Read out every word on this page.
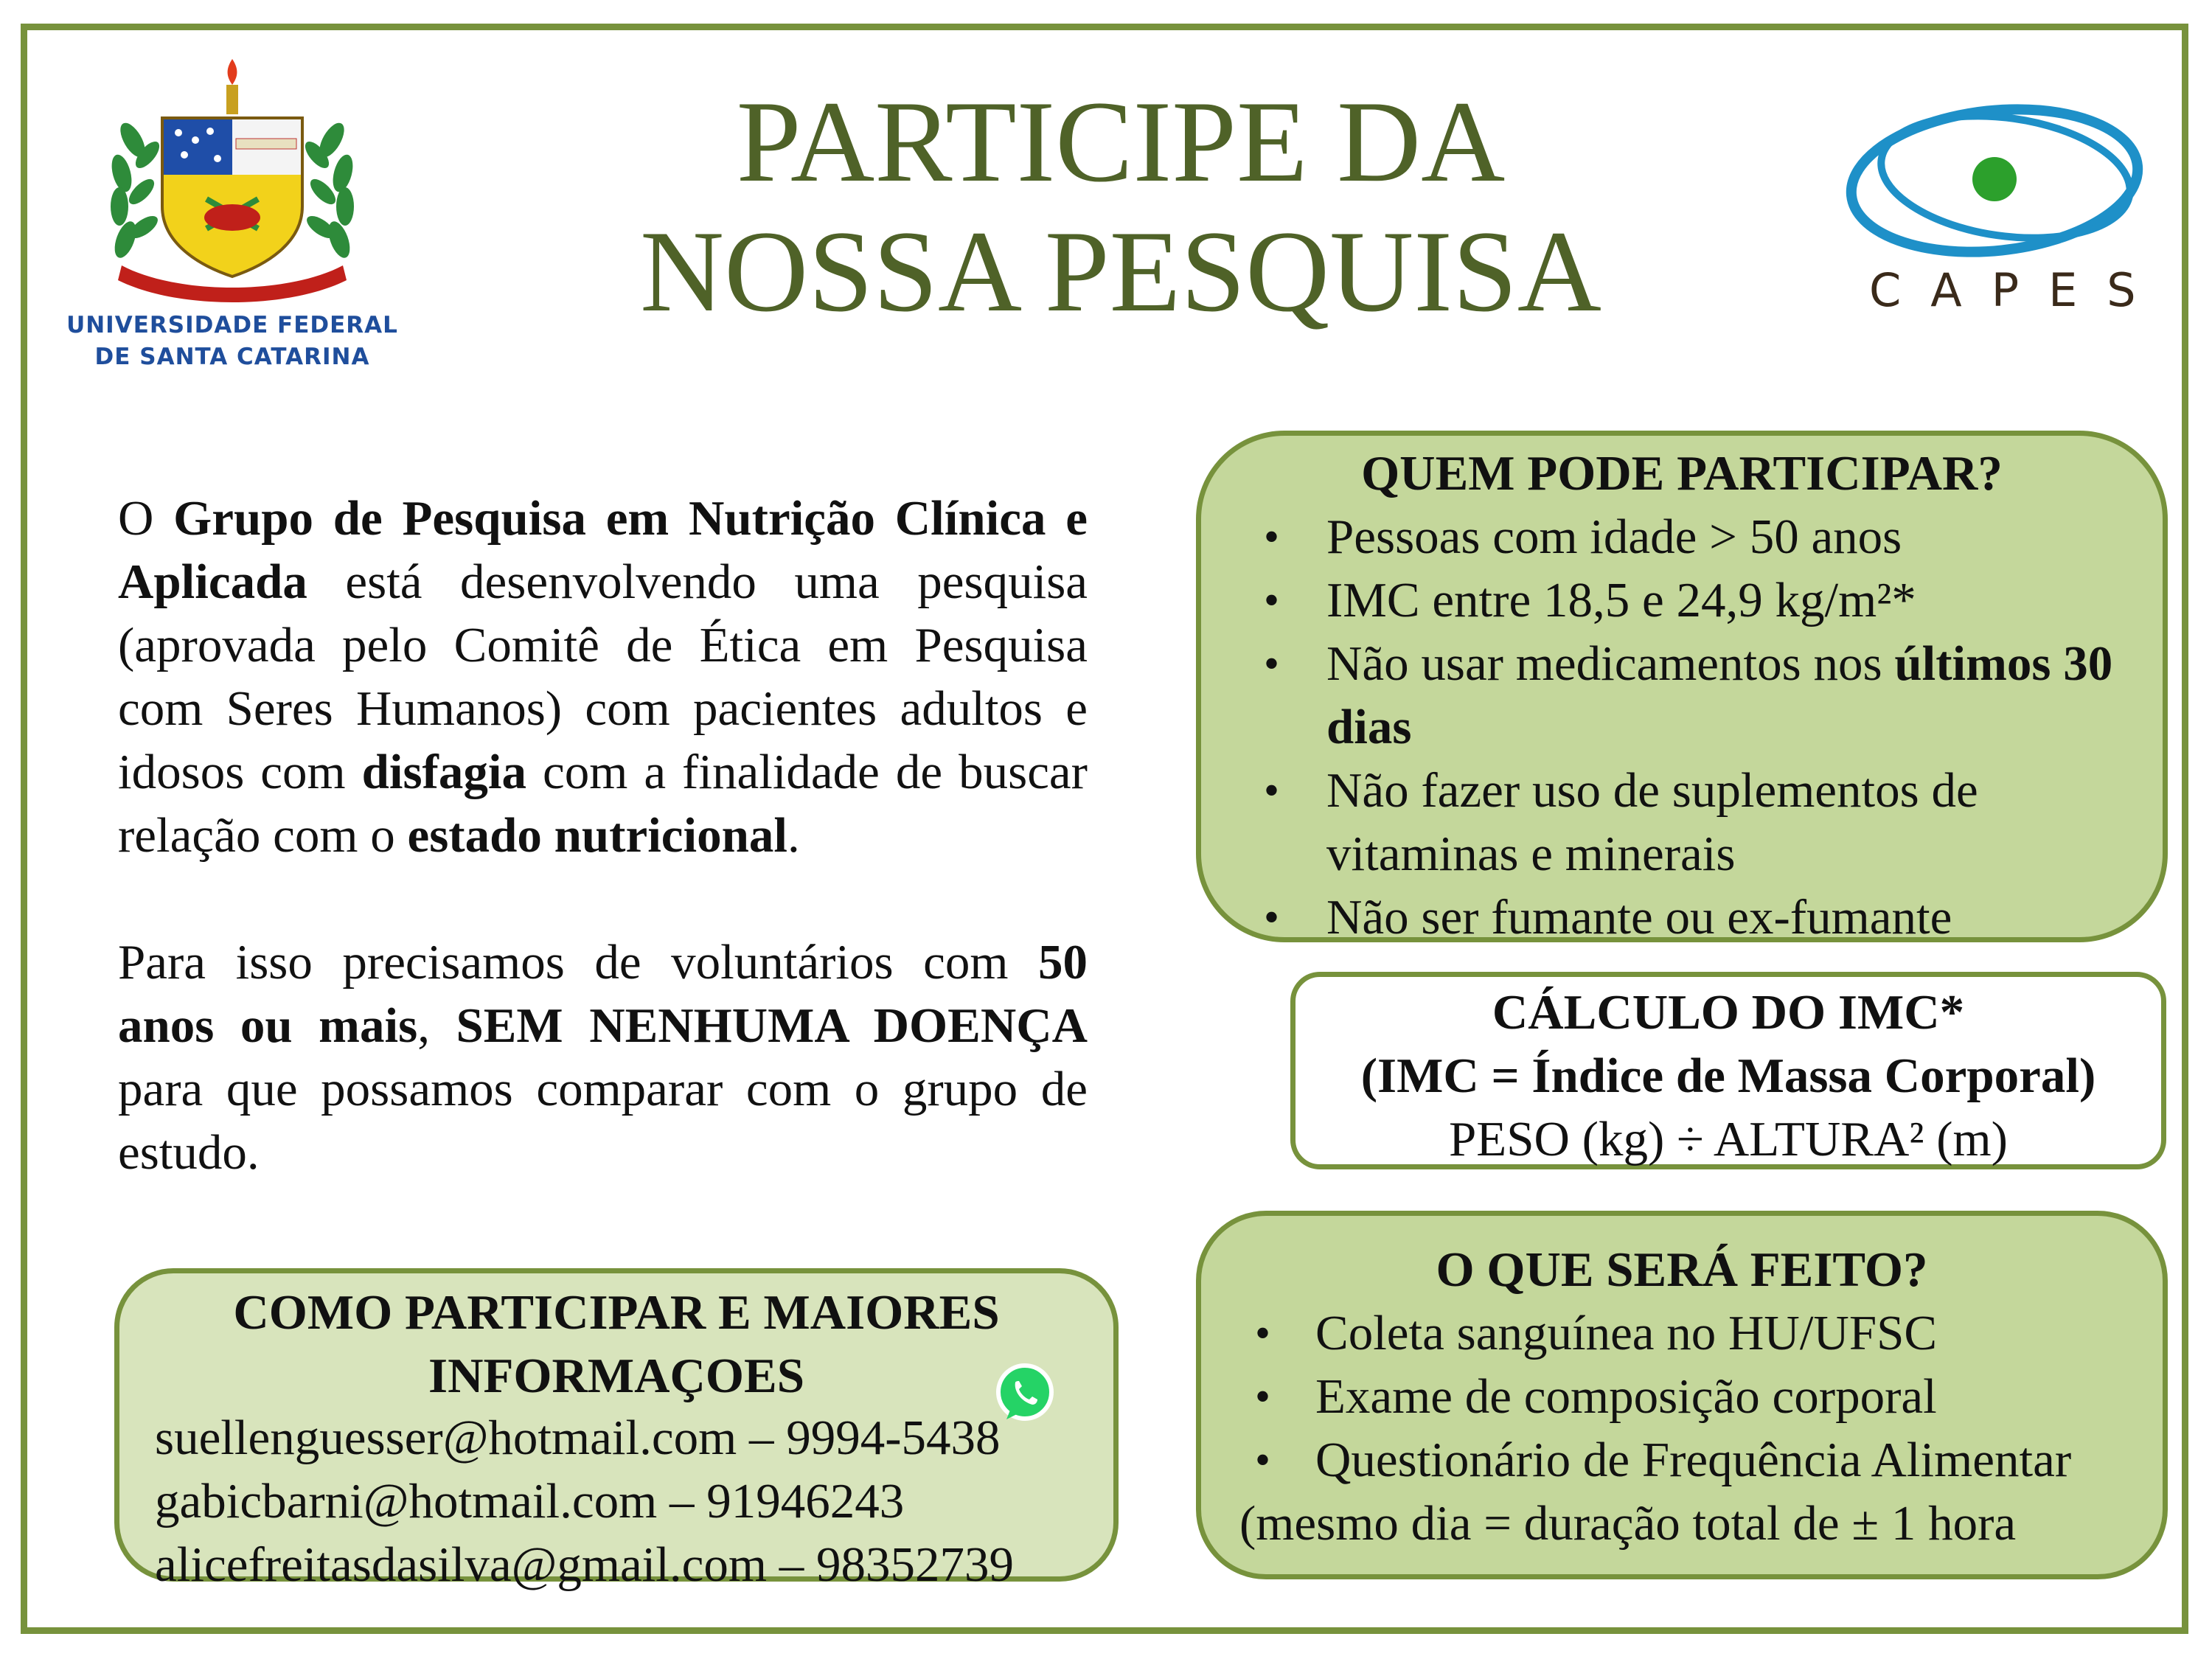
UNIVERSIDADE FEDERAL
DE SANTA CATARINA
PARTICIPE DA
NOSSA PESQUISA	CAPES

O Grupo de Pesquisa em Nutrição Clínica e Aplicada está desenvolvendo uma pesquisa (aprovada pelo Comitê de Ética em Pesquisa com Seres Humanos) com pacientes adultos e idosos com disfagia com a finalidade de buscar relação com o estado nutricional.

Para isso precisamos de voluntários com 50 anos ou mais, SEM NENHUMA DOENÇA para que possamos comparar com o grupo de estudo.

QUEM PODE PARTICIPAR?
• Pessoas com idade > 50 anos
• IMC entre 18,5 e 24,9 kg/m²*
• Não usar medicamentos nos últimos 30 dias
• Não fazer uso de suplementos de vitaminas e minerais
• Não ser fumante ou ex-fumante
CÁLCULO DO IMC*
(IMC = Índice de Massa Corporal)
PESO (kg) ÷ ALTURA² (m)
O QUE SERÁ FEITO?
• Coleta sanguínea no HU/UFSC
• Exame de composição corporal
• Questionário de Frequência Alimentar
(mesmo dia = duração total de ± 1 hora
COMO PARTICIPAR E MAIORES
INFORMAÇOES
suellenguesser@hotmail.com – 9994-5438
gabicbarni@hotmail.com – 91946243
alicefreitasdasilva@gmail.com – 98352739
